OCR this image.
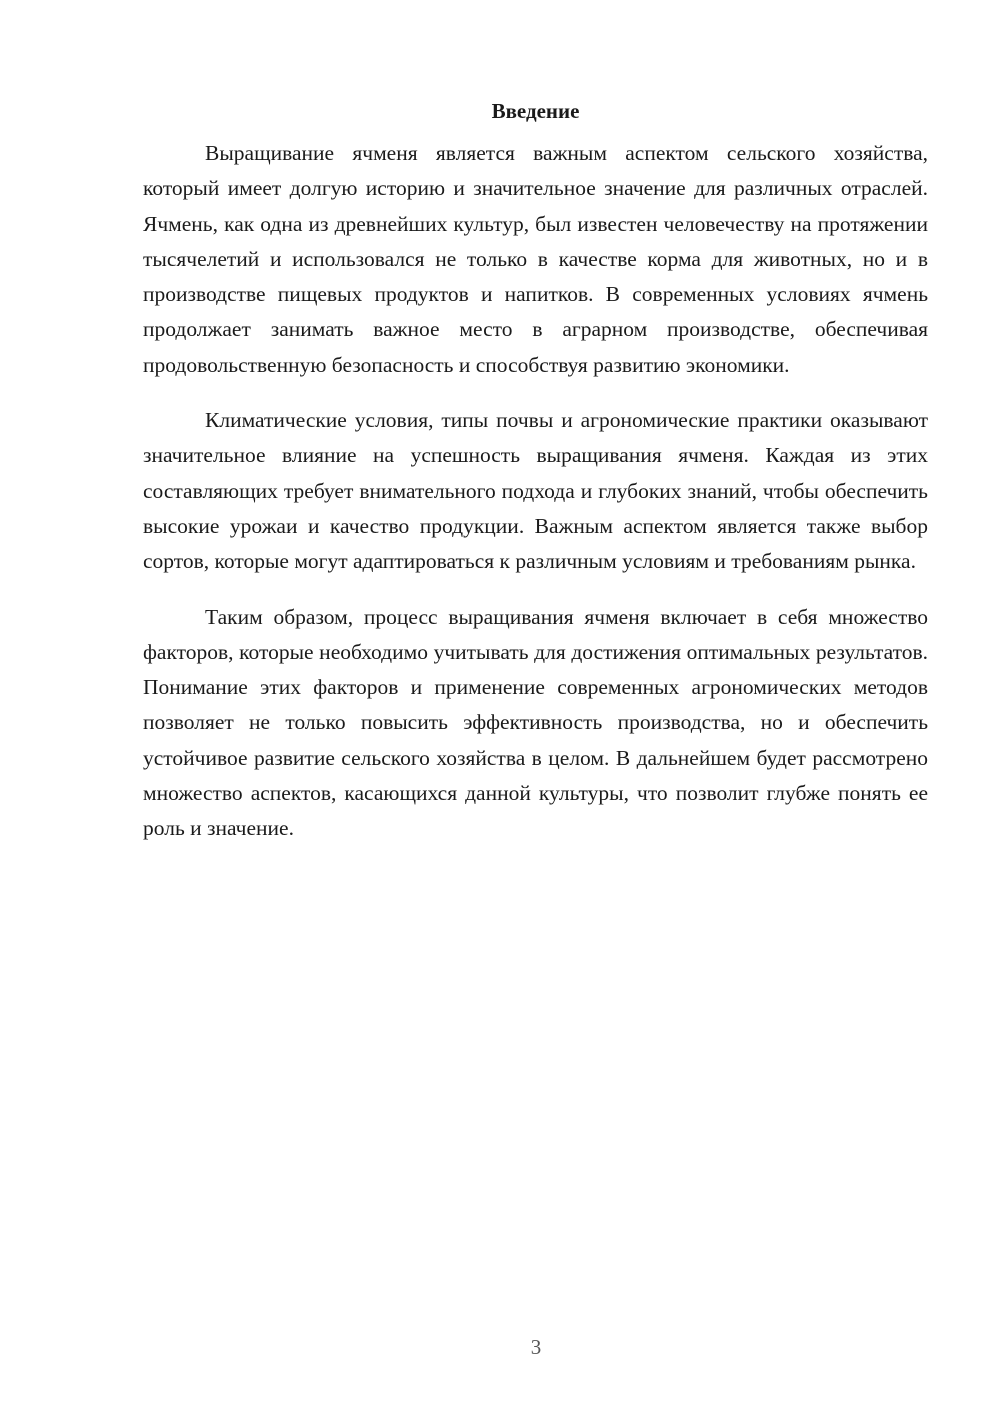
Введение

Выращивание ячменя является важным аспектом сельского хозяйства, который имеет долгую историю и значительное значение для различных отраслей. Ячмень, как одна из древнейших культур, был известен человечеству на протяжении тысячелетий и использовался не только в качестве корма для животных, но и в производстве пищевых продуктов и напитков. В современных условиях ячмень продолжает занимать важное место в аграрном производстве, обеспечивая продовольственную безопасность и способствуя развитию экономики.

Климатические условия, типы почвы и агрономические практики оказывают значительное влияние на успешность выращивания ячменя. Каждая из этих составляющих требует внимательного подхода и глубоких знаний, чтобы обеспечить высокие урожаи и качество продукции. Важным аспектом является также выбор сортов, которые могут адаптироваться к различным условиям и требованиям рынка.

Таким образом, процесс выращивания ячменя включает в себя множество факторов, которые необходимо учитывать для достижения оптимальных результатов. Понимание этих факторов и применение современных агрономических методов позволяет не только повысить эффективность производства, но и обеспечить устойчивое развитие сельского хозяйства в целом. В дальнейшем будет рассмотрено множество аспектов, касающихся данной культуры, что позволит глубже понять ее роль и значение.

3
